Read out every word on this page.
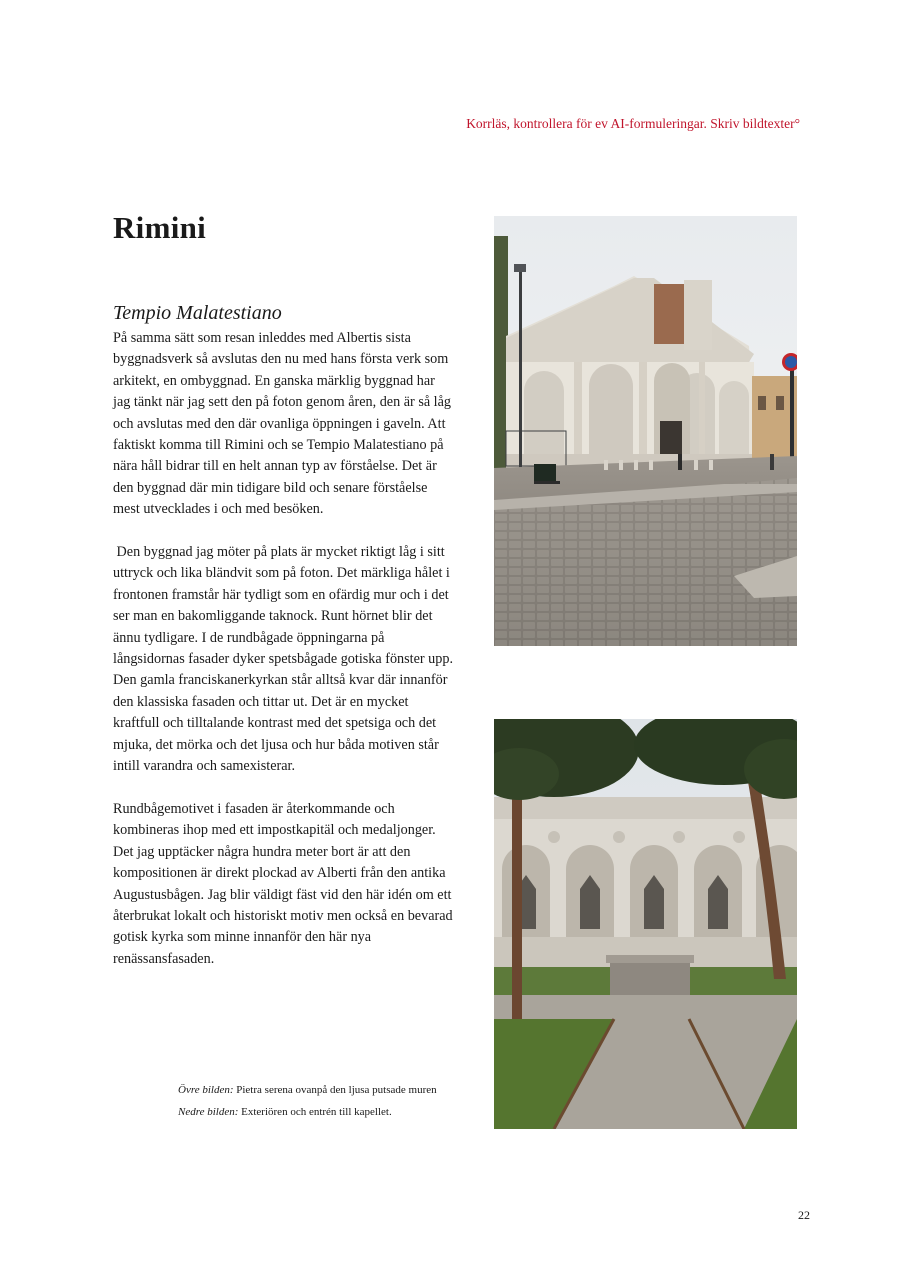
Korrläs, kontrollera för ev AI-formuleringar. Skriv bildtexter°
Rimini
Tempio Malatestiano

På samma sätt som resan inleddes med Albertis sista byggnadsverk så avslutas den nu med hans första verk som arkitekt, en ombyggnad. En ganska märklig byggnad har jag tänkt när jag sett den på foton genom åren, den är så låg och avslutas med den där ovanliga öppningen i gaveln. Att faktiskt komma till Rimini och se Tempio Malatestiano på nära håll bidrar till en helt annan typ av förståelse. Det är den byggnad där min tidigare bild och senare förståelse mest utvecklades i och med besöken.

Den byggnad jag möter på plats är mycket riktigt låg i sitt uttryck och lika bländvit som på foton. Det märkliga hålet i frontonen framstår här tydligt som en ofärdig mur och i det ser man en bakomliggande taknock. Runt hörnet blir det ännu tydligare. I de rundbågade öppningarna på långsidornas fasader dyker spetsbågade gotiska fönster upp. Den gamla franciskanerkyrkan står alltså kvar där innanför den klassiska fasaden och tittar ut. Det är en mycket kraftfull och tilltalande kontrast med det spetsiga och det mjuka, det mörka och det ljusa och hur båda motiven står intill varandra och samexisterar.

Rundbågemotivet i fasaden är återkommande och kombineras ihop med ett impostkapitäl och medaljonger. Det jag upptäcker några hundra meter bort är att den kompositionen är direkt plockad av Alberti från den antika Augustusbågen. Jag blir väldigt fäst vid den här idén om ett återbrukat lokalt och historiskt motiv men också en bevarad gotisk kyrka som minne innanför den här nya renässansfasaden.

Övre bilden: Pietra serena ovanpå den ljusa putsade muren
Nedre bilden: Exteriören och entrén till kapellet.
22
